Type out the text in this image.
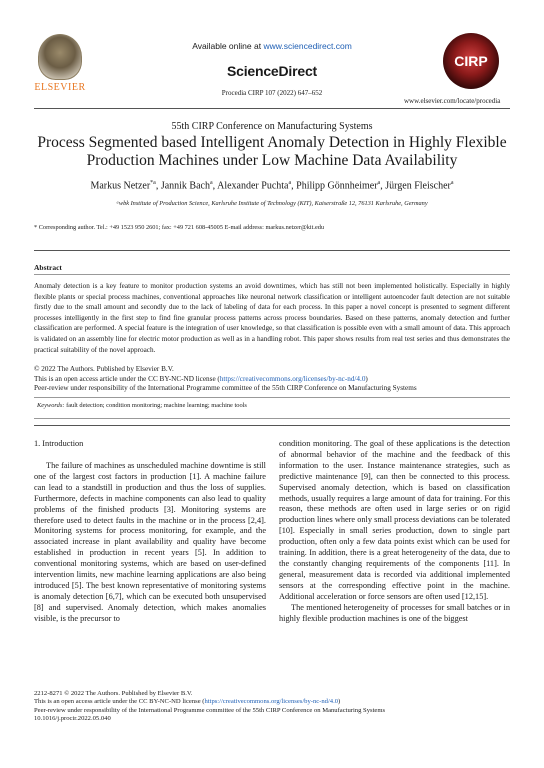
ELSEVIER
Available online at www.sciencedirect.com
ScienceDirect
Procedia CIRP 107 (2022) 647–652
CIRP
www.elsevier.com/locate/procedia
55th CIRP Conference on Manufacturing Systems
Process Segmented based Intelligent Anomaly Detection in Highly Flexible Production Machines under Low Machine Data Availability
Markus Netzer$^{*a}$, Jannik Bach$^a$, Alexander Puchta$^a$, Philipp Gönnheimer$^a$, Jürgen Fleischer$^a$
ᵃwbk Institute of Production Science, Karlsruhe Institute of Technology (KIT), Kaiserstraße 12, 76131 Karlsruhe, Germany
* Corresponding author. Tel.: +49 1523 950 2601; fax: +49 721 608-45005 E-mail address: markus.netzer@kit.edu
Abstract
Anomaly detection is a key feature to monitor production systems an avoid downtimes, which has still not been implemented holistically. Especially in highly flexible plants or special process machines, conventional approaches like neuronal network classification or intelligent autoencoder fault detection are not suitable firstly due to the small amount and secondly due to the lack of labeling of data for each process. In this paper a novel concept is presented to segment different processes intelligently in the first step to find fine granular process patterns across process boundaries. Based on these patterns, anomaly detection and further classification are performed. A special feature is the integration of user knowledge, so that classification is possible even with a small amount of data. This approach is validated on an assembly line for electric motor production as well as in a handling robot. This paper shows results from real test series and thus demonstrates the practical suitability of the novel approach.
© 2022 The Authors. Published by Elsevier B.V.
This is an open access article under the CC BY-NC-ND license (https://creativecommons.org/licenses/by-nc-nd/4.0)
Peer-review under responsibility of the International Programme committee of the 55th CIRP Conference on Manufacturing Systems
Keywords: fault detection; condition monitoring; machine learning; machine tools
1. Introduction

The failure of machines as unscheduled machine downtime is still one of the largest cost factors in production [1]. A machine failure can lead to a standstill in production and thus the loss of supplies. Furthermore, defects in machine components can also lead to quality problems of the finished products [3]. Monitoring systems are therefore used to detect faults in the machine or in the process [2,4]. Monitoring systems for process monitoring, for example, and the associated increase in plant availability and quality have become established in production in recent years [5]. In addition to conventional monitoring systems, which are based on user-defined intervention limits, new machine learning applications are also being introduced [5]. The best known representative of monitoring systems is anomaly detection [6,7], which can be executed both unsupervised [8] and supervised. Anomaly detection, which makes anomalies visible, is the precursor to

condition monitoring. The goal of these applications is the detection of abnormal behavior of the machine and the feedback of this information to the user. Instance maintenance strategies, such as predictive maintenance [9], can then be connected to this process. Supervised anomaly detection, which is based on classification methods, usually requires a large amount of data for training. For this reason, these methods are often used in large series or on rigid production lines where only small process deviations can be tolerated [10]. Especially in small series production, down to single part production, often only a few data points exist which can be used for training. In addition, there is a great heterogeneity of the data, due to the constantly changing requirements of the components [11]. In general, measurement data is recorded via additional implemented sensors at the corresponding effective point in the machine. Additional acceleration or force sensors are often used [12,15].

The mentioned heterogeneity of processes for small batches or in highly flexible production machines is one of the biggest

2212-8271 © 2022 The Authors. Published by Elsevier B.V.
This is an open access article under the CC BY-NC-ND license (https://creativecommons.org/licenses/by-nc-nd/4.0)
Peer-review under responsibility of the International Programme committee of the 55th CIRP Conference on Manufacturing Systems
10.1016/j.procir.2022.05.040
